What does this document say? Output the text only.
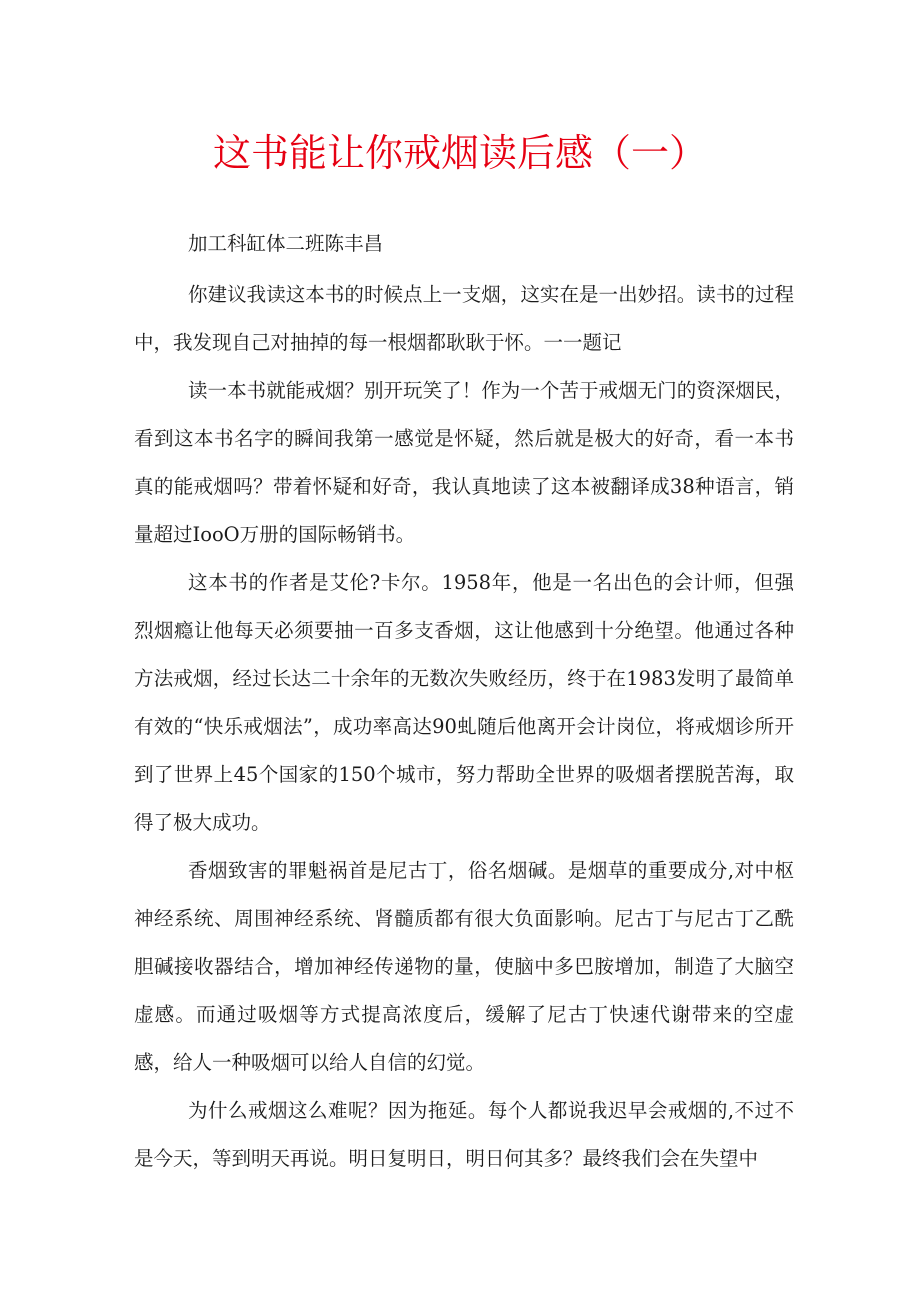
这书能让你戒烟读后感（一）
加工科缸体二班陈丰昌

你建议我读这本书的时候点上一支烟，这实在是一出妙招。读书的过程中，我发现自己对抽掉的每一根烟都耿耿于怀。一一题记

读一本书就能戒烟？别开玩笑了！作为一个苦于戒烟无门的资深烟民，看到这本书名字的瞬间我第一感觉是怀疑，然后就是极大的好奇，看一本书真的能戒烟吗？带着怀疑和好奇，我认真地读了这本被翻译成38种语言，销量超过IooO万册的国际畅销书。

这本书的作者是艾伦?卡尔。1958年，他是一名出色的会计师，但强烈烟瘾让他每天必须要抽一百多支香烟，这让他感到十分绝望。他通过各种方法戒烟，经过长达二十余年的无数次失败经历，终于在1983发明了最简单有效的“快乐戒烟法”，成功率高达90虬随后他离开会计岗位，将戒烟诊所开到了世界上45个国家的150个城市，努力帮助全世界的吸烟者摆脱苦海，取得了极大成功。

香烟致害的罪魁祸首是尼古丁，俗名烟碱。是烟草的重要成分,对中枢神经系统、周围神经系统、肾髓质都有很大负面影响。尼古丁与尼古丁乙酰胆碱接收器结合，增加神经传递物的量，使脑中多巴胺增加，制造了大脑空虚感。而通过吸烟等方式提高浓度后，缓解了尼古丁快速代谢带来的空虚感，给人一种吸烟可以给人自信的幻觉。

为什么戒烟这么难呢？因为拖延。每个人都说我迟早会戒烟的,不过不是今天，等到明天再说。明日复明日，明日何其多？最终我们会在失望中
